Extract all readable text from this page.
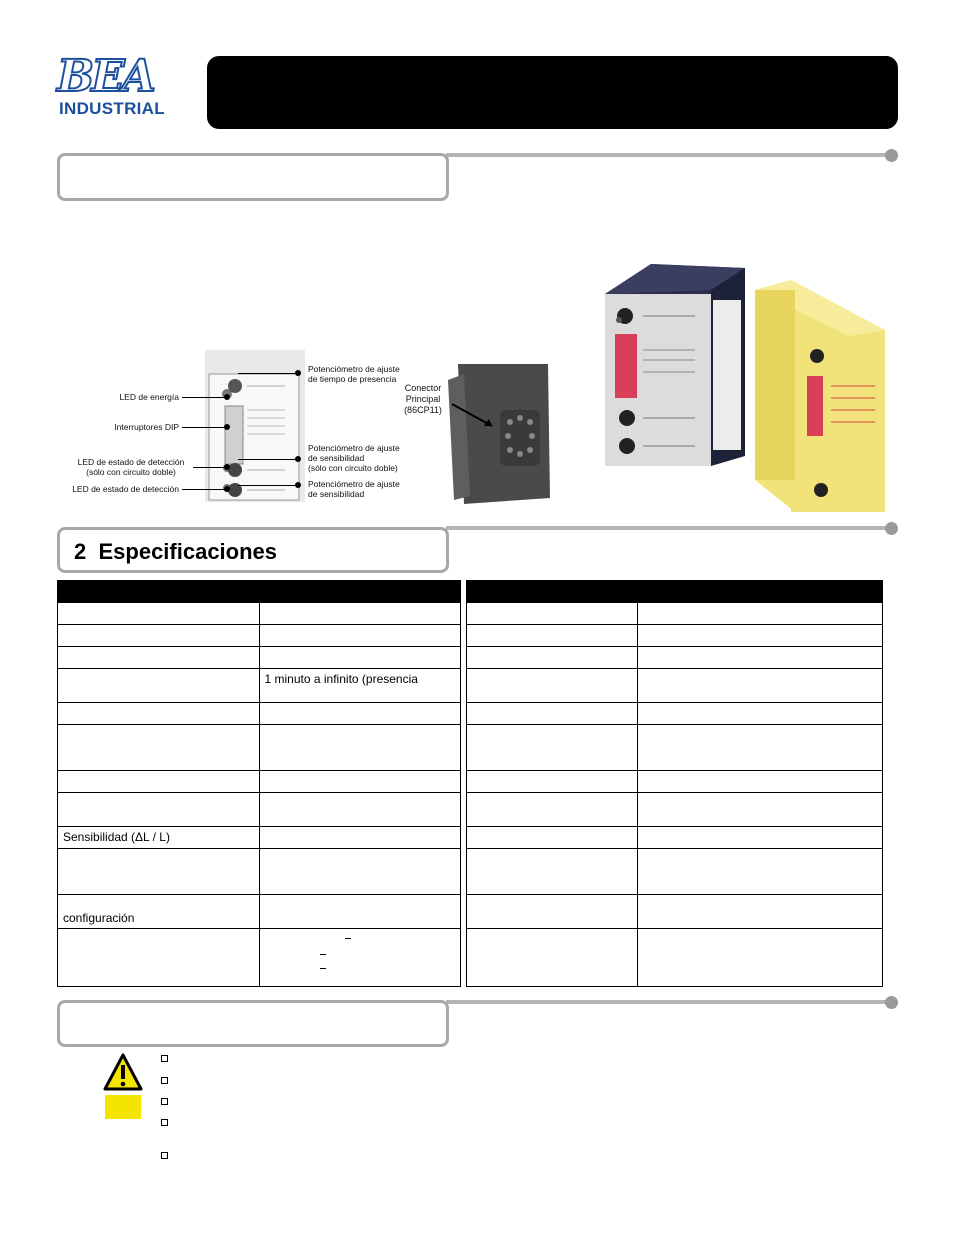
BEA
INDUSTRIAL
LED de energía
Interruptores DIP
LED de estado de detección
(sólo con circuito doble)
LED de estado de detección
Potenciómetro de ajuste
de tiempo de presencia
Potenciómetro de ajuste
de sensibilidad
(sólo con circuito doble)
Potenciómetro de ajuste
de sensibilidad
Conector
Principal
(86CP11)
2 Especificaciones

	1 minuto a infinito (presencia

Sensibilidad (ΔL / L)	

configuración	
